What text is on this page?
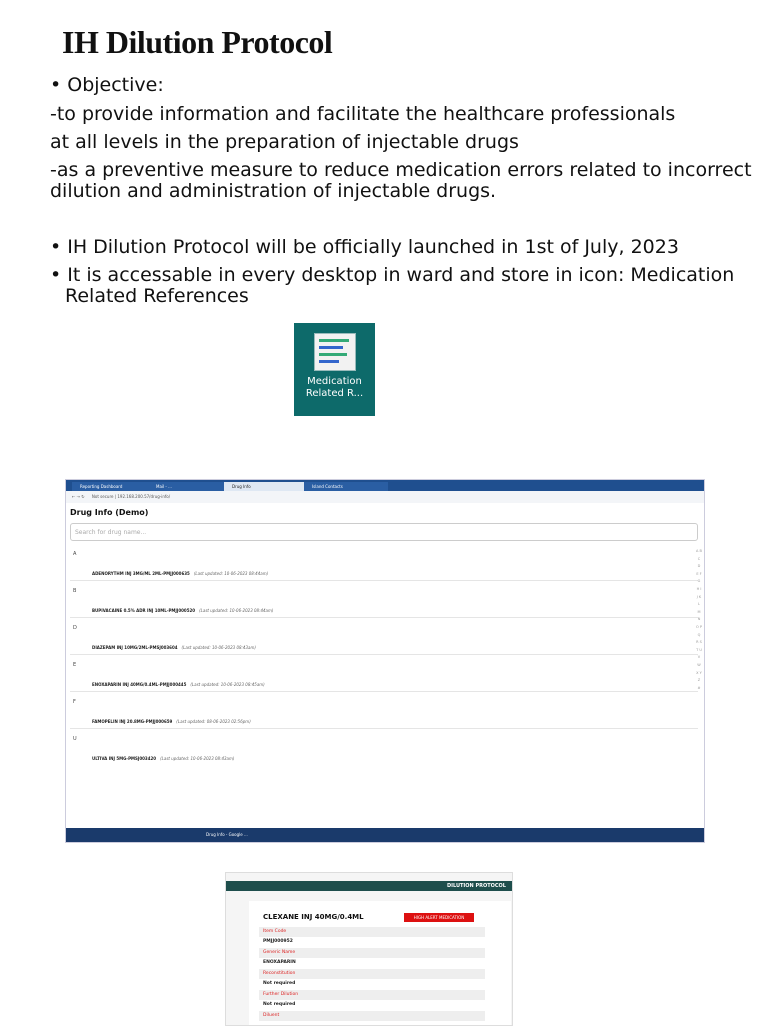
IH Dilution Protocol
• Objective:
-to provide information and facilitate the healthcare professionals
at all levels in the preparation of injectable drugs
-as a preventive measure to reduce medication errors related to incorrect
dilution and administration of injectable drugs.
• IH Dilution Protocol will be officially launched in 1st of July, 2023
• It is accessable in every desktop in ward and store in icon: Medication
Related References
Medication
Related R...
Reporting Dashboard	Mail - ...	Drug Info	Island Contacts
← → ↻ Not secure | 192.168.200.57/drug-info/
Drug Info (Demo)
Search for drug name...
A
ADENORYTHM INJ 3MG/ML 2ML-PMJJ000635 (Last updated: 10-06-2023 08:44am)
B
BUPIVACAINE 0.5% ADR INJ 10ML-PMJJ000520 (Last updated: 10-06-2023 08:44am)
D
DIAZEPAM INJ 10MG/2ML-PMSJ003604 (Last updated: 10-06-2023 08:43am)
E
ENOXAPARIN INJ 40MG/0.4ML-PMJJ000445 (Last updated: 10-06-2023 08:45am)
F
FAMOPELIN INJ 20.8MG-PMJJ000659 (Last updated: 08-06-2023 02:56pm)
U
ULTIVA INJ 5MG-PMSJ003420 (Last updated: 10-06-2023 08:43am)
A B C D E F G H I J K L M N O P Q R S T U V W X Y Z #
Drug Info - Google ...
DILUTION PROTOCOL
CLEXANE INJ 40MG/0.4ML	HIGH ALERT MEDICATION
Item Code
PMJJ000952
Generic Name
ENOXAPARIN
Reconstitution
Not required
Further Dilution
Not required
Diluent
